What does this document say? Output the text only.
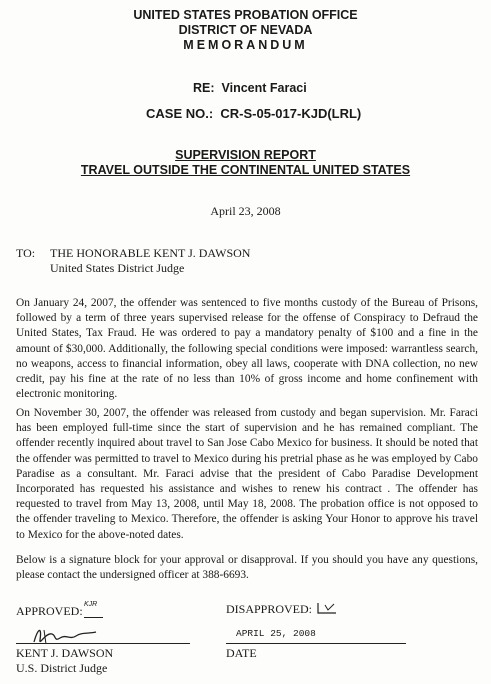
UNITED STATES PROBATION OFFICE
DISTRICT OF NEVADA
MEMORANDUM
RE: Vincent Faraci
CASE NO.: CR-S-05-017-KJD(LRL)
SUPERVISION REPORT
TRAVEL OUTSIDE THE CONTINENTAL UNITED STATES
April 23, 2008
TO: THE HONORABLE KENT J. DAWSON
United States District Judge
On January 24, 2007, the offender was sentenced to five months custody of the Bureau of Prisons, followed by a term of three years supervised release for the offense of Conspiracy to Defraud the United States, Tax Fraud. He was ordered to pay a mandatory penalty of $100 and a fine in the amount of $30,000. Additionally, the following special conditions were imposed: warrantless search, no weapons, access to financial information, obey all laws, cooperate with DNA collection, no new credit, pay his fine at the rate of no less than 10% of gross income and home confinement with electronic monitoring.
On November 30, 2007, the offender was released from custody and began supervision. Mr. Faraci has been employed full-time since the start of supervision and he has remained compliant. The offender recently inquired about travel to San Jose Cabo Mexico for business. It should be noted that the offender was permitted to travel to Mexico during his pretrial phase as he was employed by Cabo Paradise as a consultant. Mr. Faraci advise that the president of Cabo Paradise Development Incorporated has requested his assistance and wishes to renew his contract . The offender has requested to travel from May 13, 2008, until May 18, 2008. The probation office is not opposed to the offender traveling to Mexico. Therefore, the offender is asking Your Honor to approve his travel to Mexico for the above-noted dates.
Below is a signature block for your approval or disapproval. If you should you have any questions, please contact the undersigned officer at 388-6693.
APPROVED: KJR
KENT J. DAWSON
U.S. District Judge
DISAPPROVED:
APRIL 25, 2008
DATE
